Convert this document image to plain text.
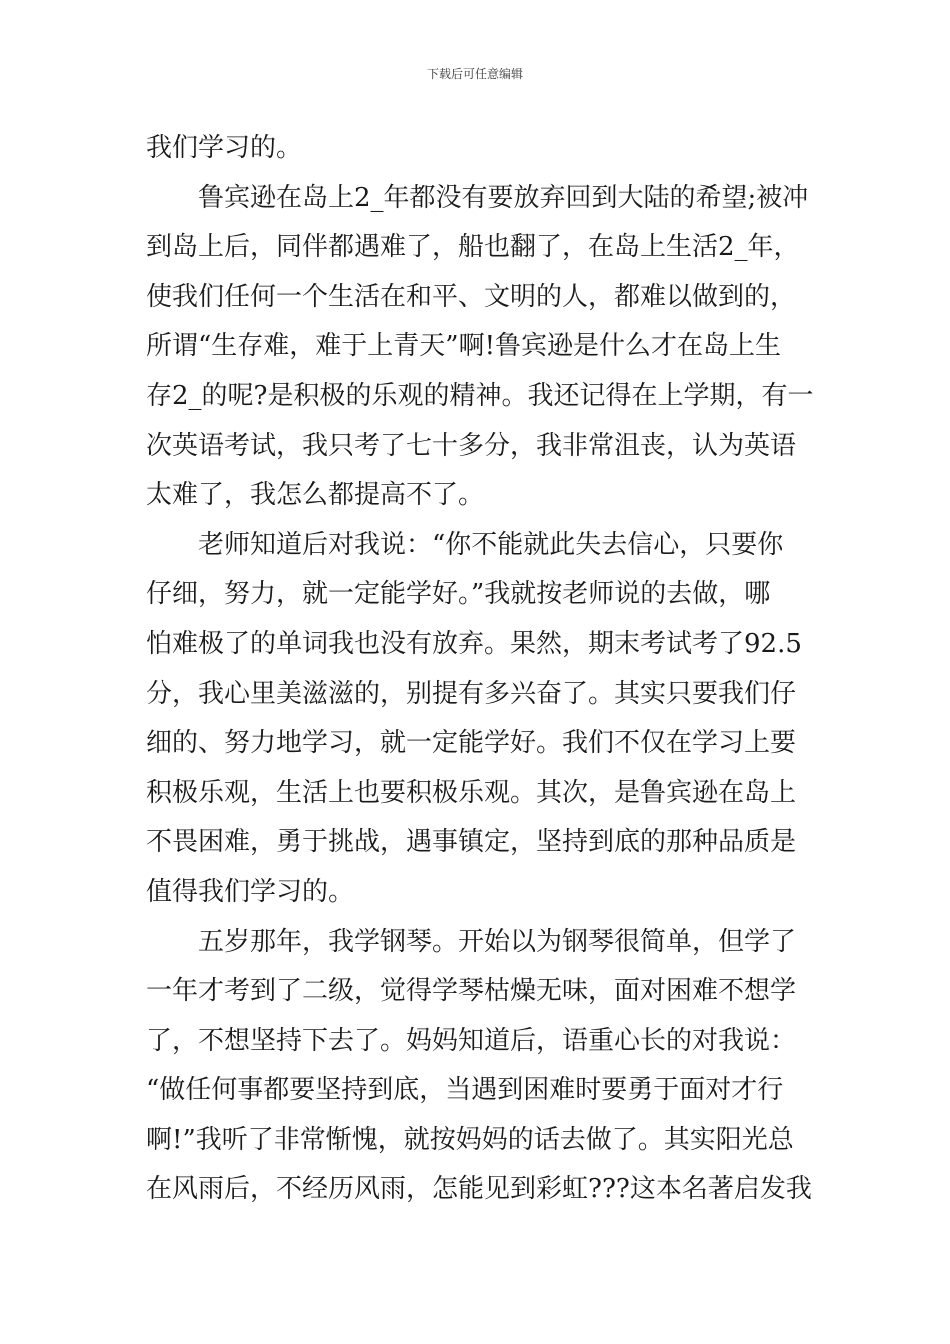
下载后可任意编辑
我们学习的。
　　鲁宾逊在岛上2_年都没有要放弃回到大陆的希望;被冲
到岛上后，同伴都遇难了，船也翻了，在岛上生活2_年，
使我们任何一个生活在和平、文明的人，都难以做到的，
所谓“生存难，难于上青天”啊!鲁宾逊是什么才在岛上生
存2_的呢?是积极的乐观的精神。我还记得在上学期，有一
次英语考试，我只考了七十多分，我非常沮丧，认为英语
太难了，我怎么都提高不了。
　　老师知道后对我说：“你不能就此失去信心，只要你
仔细，努力，就一定能学好。”我就按老师说的去做，哪
怕难极了的单词我也没有放弃。果然，期末考试考了92.5
分，我心里美滋滋的，别提有多兴奋了。其实只要我们仔
细的、努力地学习，就一定能学好。我们不仅在学习上要
积极乐观，生活上也要积极乐观。其次，是鲁宾逊在岛上
不畏困难，勇于挑战，遇事镇定，坚持到底的那种品质是
值得我们学习的。
　　五岁那年，我学钢琴。开始以为钢琴很简单，但学了
一年才考到了二级，觉得学琴枯燥无味，面对困难不想学
了，不想坚持下去了。妈妈知道后，语重心长的对我说：
“做任何事都要坚持到底，当遇到困难时要勇于面对才行
啊!”我听了非常惭愧，就按妈妈的话去做了。其实阳光总
在风雨后，不经历风雨，怎能见到彩虹???这本名著启发我
